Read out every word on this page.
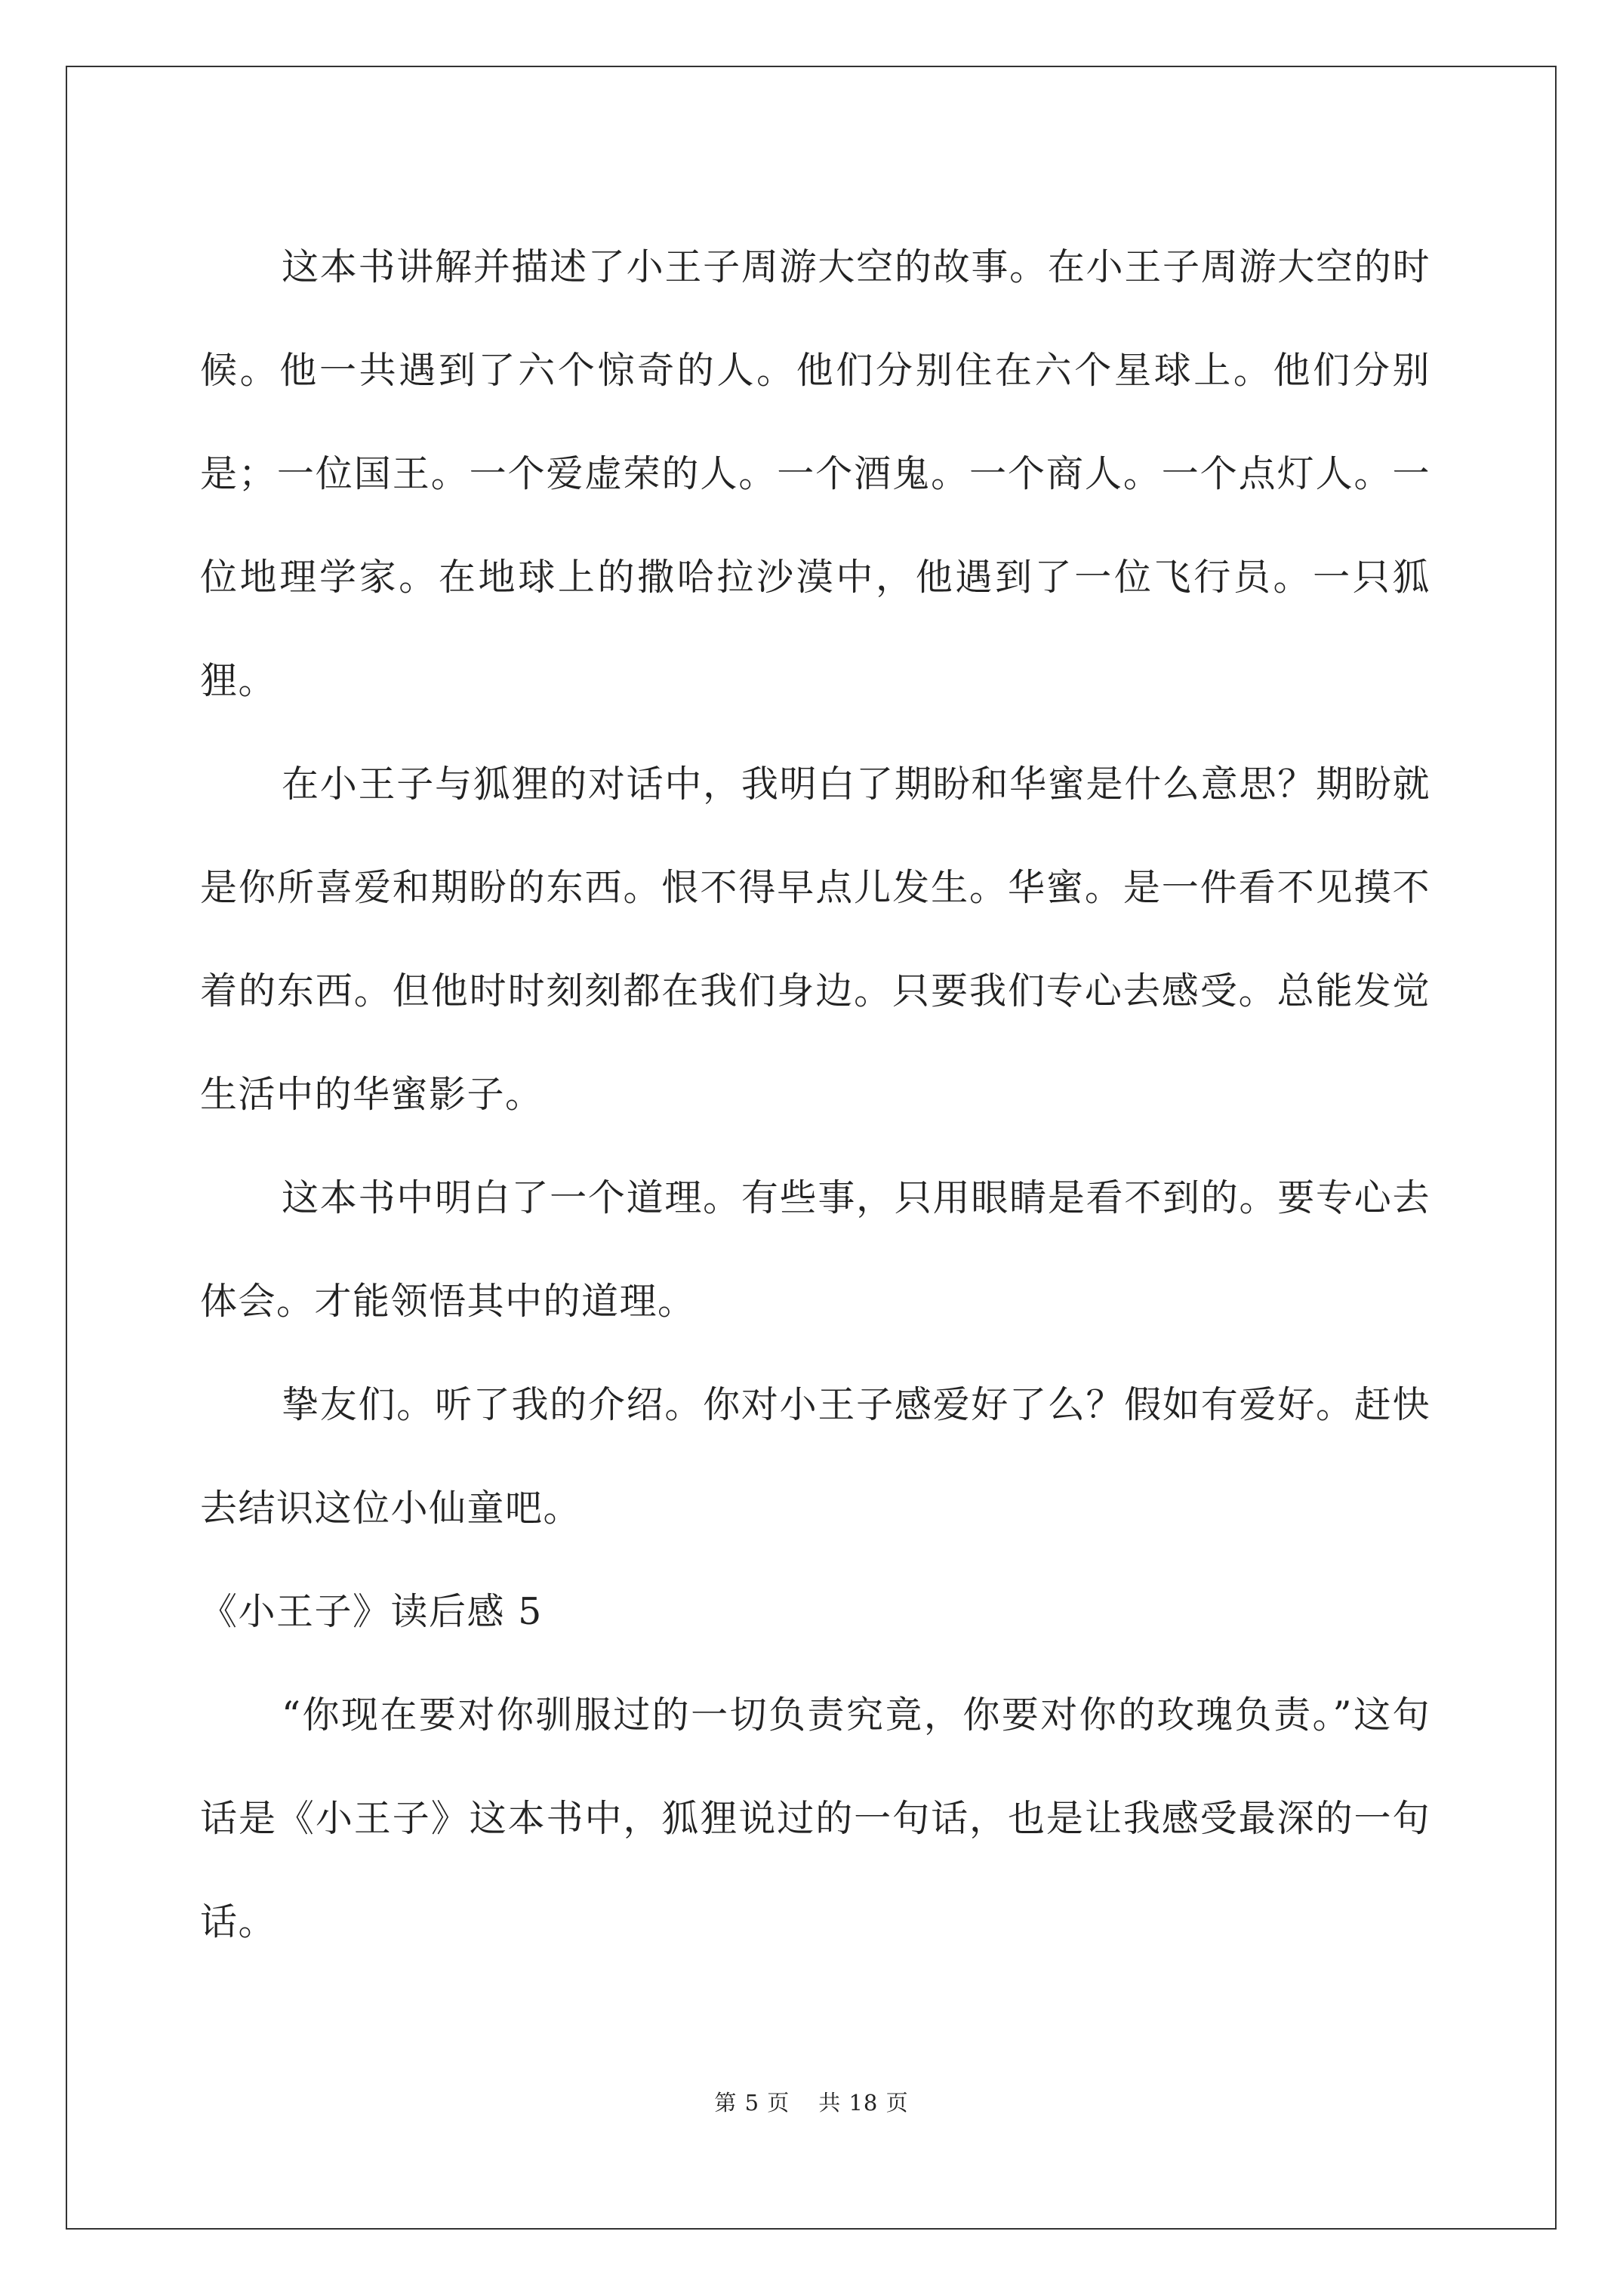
这本书讲解并描述了小王子周游大空的故事。在小王子周游大空的时候。他一共遇到了六个惊奇的人。他们分别住在六个星球上。他们分别是；一位国王。一个爱虚荣的人。一个酒鬼。一个商人。一个点灯人。一位地理学家。在地球上的撒哈拉沙漠中，他遇到了一位飞行员。一只狐狸。

在小王子与狐狸的对话中，我明白了期盼和华蜜是什么意思？期盼就是你所喜爱和期盼的东西。恨不得早点儿发生。华蜜。是一件看不见摸不着的东西。但他时时刻刻都在我们身边。只要我们专心去感受。总能发觉生活中的华蜜影子。

这本书中明白了一个道理。有些事，只用眼睛是看不到的。要专心去体会。才能领悟其中的道理。

挚友们。听了我的介绍。你对小王子感爱好了么？假如有爱好。赶快去结识这位小仙童吧。

《小王子》读后感 5

“你现在要对你驯服过的一切负责究竟，你要对你的玫瑰负责。”这句话是《小王子》这本书中，狐狸说过的一句话，也是让我感受最深的一句话。

第 5 页 共 18 页
